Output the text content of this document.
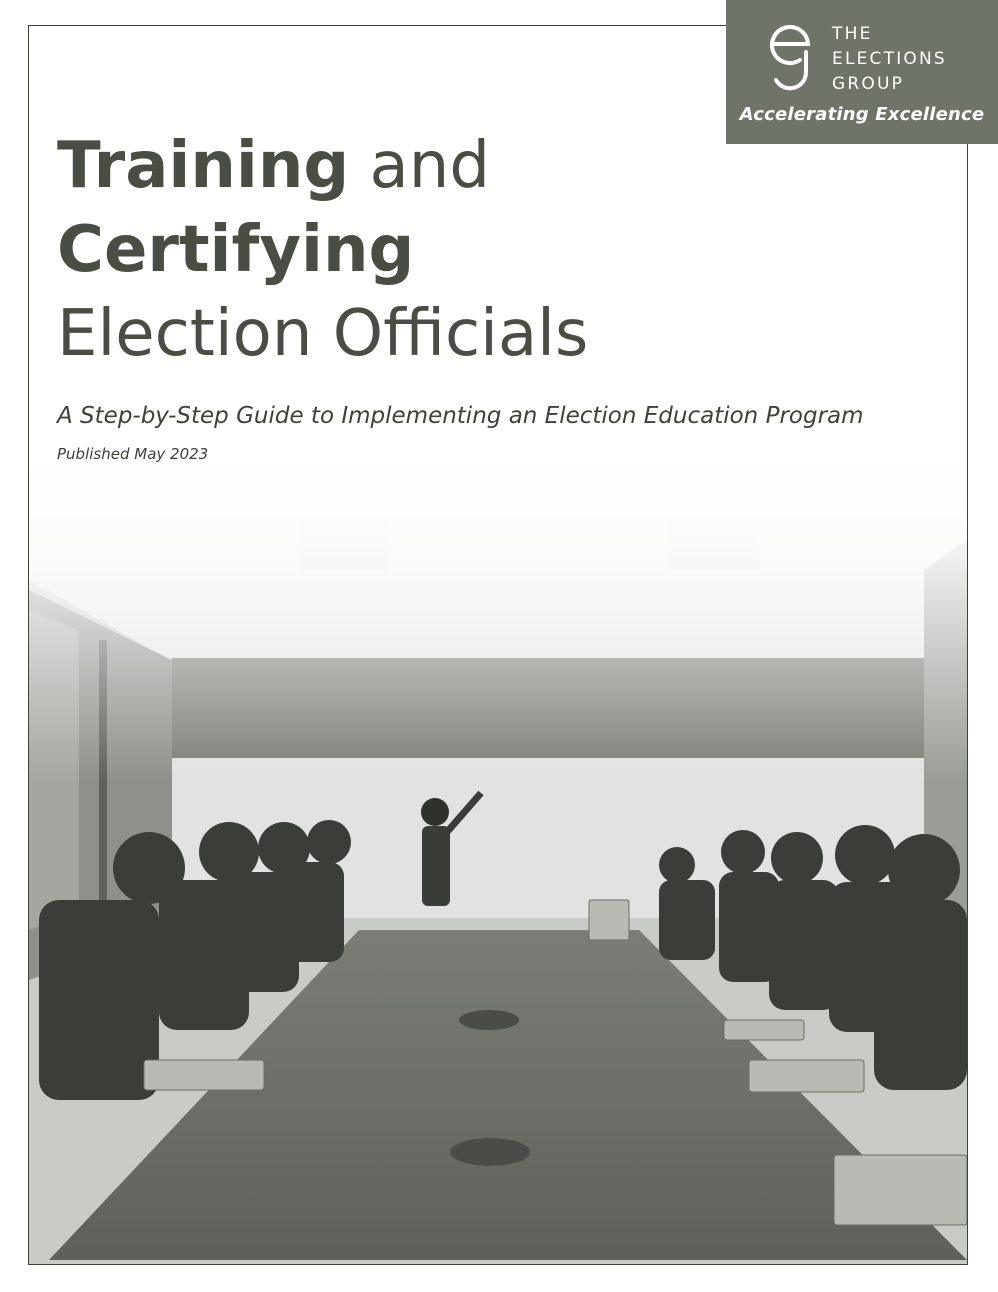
THE
ELECTIONS
GROUP
Accelerating Excellence
Training and
Certifying
Election Officials

A Step-by-Step Guide to Implementing an Election Education Program

Published May 2023
